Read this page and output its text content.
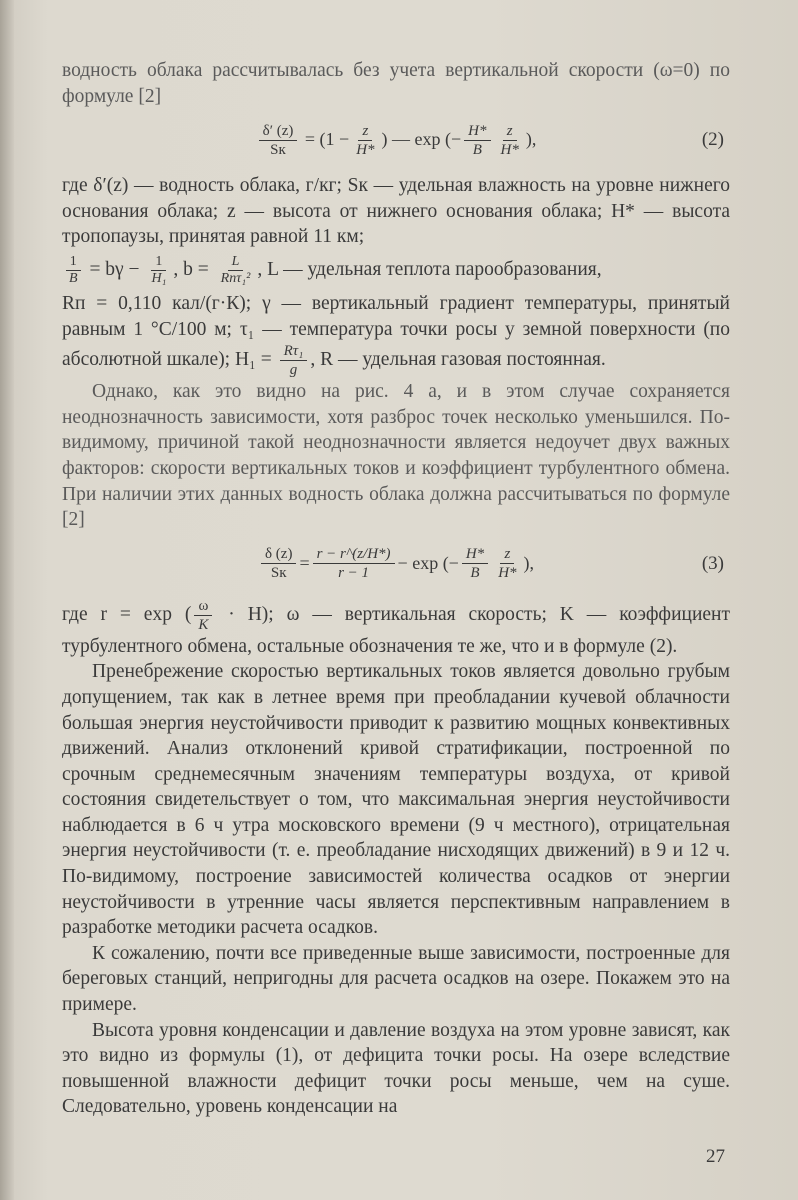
водность облака рассчитывалась без учета вертикальной скорости (ω=0) по формуле [2]

$\frac{\delta' (z)}{Sк} = (1 - \frac{z}{H*}$ ) — exp (− $\frac{H*}{B} \frac{z}{H*}$ ),	(2)

где δ′(z) — водность облака, г/кг; Sк — удельная влажность на уровне нижнего основания облака; z — высота от нижнего основания облака; H* — высота тропопаузы, принятая равной 11 км;

$\frac{1}{B} = b\gamma - \frac{1}{\text{H₁}}$ , $b = \frac{L}{\text{Rпτ₁²}}$ , L — удельная теплота парообразования,

Rп = 0,110 кал/(г·К); γ — вертикальный градиент температуры, принятый равным 1 °С/100 м; τ₁ — температура точки росы у земной поверхности (по абсолютной шкале); $H_1 = \frac{\text{Rτ₁}}{g}$ , R — удельная газовая постоянная.

Однако, как это видно на рис. 4 а, и в этом случае сохраняется неоднозначность зависимости, хотя разброс точек несколько уменьшился. По-видимому, причиной такой неоднозначности является недоучет двух важных факторов: скорости вертикальных токов и коэффициент турбулентного обмена. При наличии этих данных водность облака должна рассчитываться по формуле [2]

$\frac{\delta (z)}{Sк} = \frac{r - r\^{}(z/H*)}{r - 1} - \exp$ (− $\frac{H*}{B} \frac{z}{H*}$ ),	(3)

где r = exp ( $\frac{\omega}{K} \cdot H$); ω — вертикальная скорость; K — коэффициент турбулентного обмена, остальные обозначения те же, что и в формуле (2).

Пренебрежение скоростью вертикальных токов является довольно грубым допущением, так как в летнее время при преобладании кучевой облачности большая энергия неустойчивости приводит к развитию мощных конвективных движений. Анализ отклонений кривой стратификации, построенной по срочным среднемесячным значениям температуры воздуха, от кривой состояния свидетельствует о том, что максимальная энергия неустойчивости наблюдается в 6 ч утра московского времени (9 ч местного), отрицательная энергия неустойчивости (т. е. преобладание нисходящих движений) в 9 и 12 ч. По-видимому, построение зависимостей количества осадков от энергии неустойчивости в утренние часы является перспективным направлением в разработке методики расчета осадков.

К сожалению, почти все приведенные выше зависимости, построенные для береговых станций, непригодны для расчета осадков на озере. Покажем это на примере.

Высота уровня конденсации и давление воздуха на этом уровне зависят, как это видно из формулы (1), от дефицита точки росы. На озере вследствие повышенной влажности дефицит точки росы меньше, чем на суше. Следовательно, уровень конденсации на

27
